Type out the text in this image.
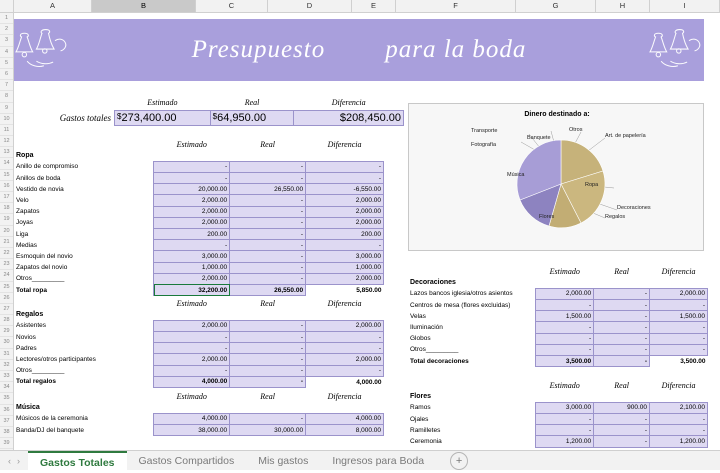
A	B	C	D	E	F	G	H	I
1
2
3
4
5
6
7
8
9
10
11
12
13
14
15
16
17
18
19
20
21
22
23
24
25
26
27
28
29
30
31
32
33
34
35
36
37
38
39
Presupuesto para la boda
Gastos totales
Estimado	Real	Diferencia

$ 273,400.00	$ 64,950.00	$208,450.00	Dinero destinado a:
Transporte
Banquete
Fotografía
Otros
Art. de papelería
Ropa
Decoraciones
Regalos
Flores
Música
	Estimado	Real	Diferencia
Ropa			
Anillo de compromiso	-	-	-
Anillos de boda	-	-	-
Vestido de novia	20,000.00	26,550.00	-6,550.00
Velo	2,000.00	-	2,000.00
Zapatos	2,000.00	-	2,000.00
Joyas	2,000.00	-	2,000.00
Liga	200.00	-	200.00
Medias	-	-	-
Esmoquin del novio	3,000.00	-	3,000.00
Zapatos del novio	1,000.00	-	1,000.00
Otros_________	2,000.00	-	2,000.00
Total ropa	32,200.00	26,550.00	5,850.00
	Estimado	Real	Diferencia
Regalos			
Asistentes	2,000.00	-	2,000.00
Novios	-	-	-
Padres	-	-	-
Lectores/otros participantes	2,000.00	-	2,000.00
Otros_________	-	-	-
Total regalos	4,000.00	-	4,000.00
	Estimado	Real	Diferencia
Música			
Músicos de la ceremonia	4,000.00	-	4,000.00
Banda/DJ del banquete	38,000.00	30,000.00	8,000.00
	Estimado	Real	Diferencia
Decoraciones			
Lazos bancos iglesia/otros asientos	2,000.00	-	2,000.00
Centros de mesa (flores excluidas)	-	-	-
Velas	1,500.00	-	1,500.00
Iluminación	-	-	-
Globos	-	-	-
Otros_________	-	-	-
Total decoraciones	3,500.00	-	3,500.00
	Estimado	Real	Diferencia
Flores			
Ramos	3,000.00	900.00	2,100.00
Ojales	-	-	-
Ramilletes	-	-	-
Ceremonia	1,200.00	-	1,200.00
‹ ›	Gastos Totales	Gastos Compartidos	Mis gastos	Ingresos para Boda	+
